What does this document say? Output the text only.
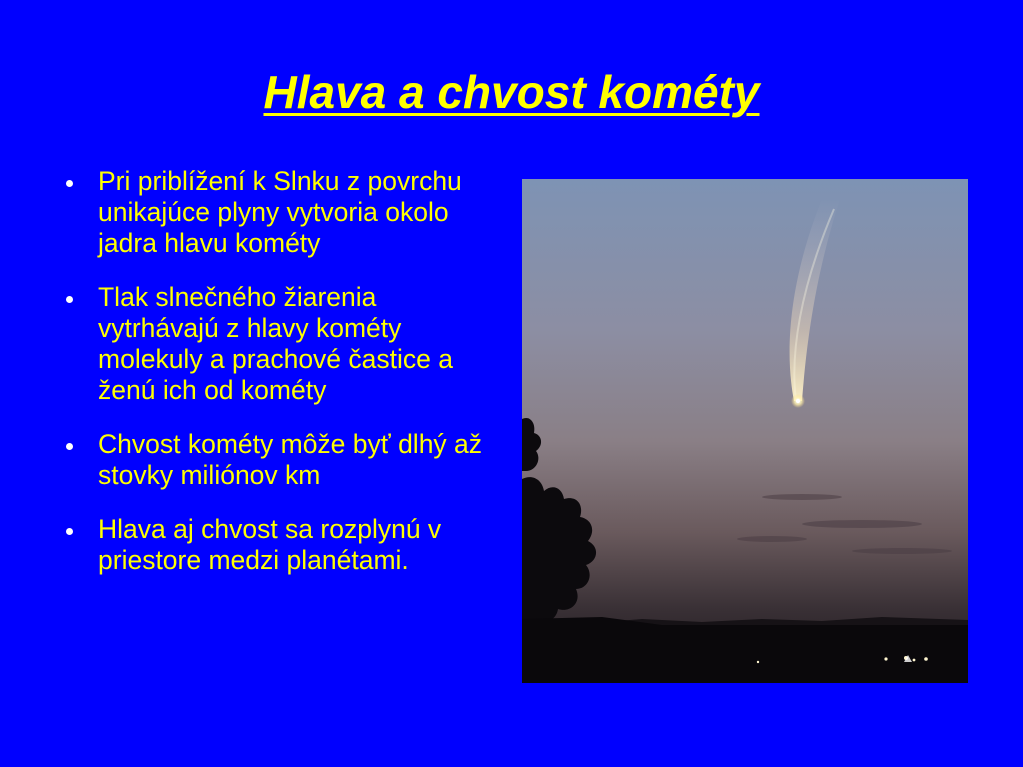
Hlava a chvost kométy
Pri priblížení k Slnku z povrchu unikajúce plyny vytvoria okolo jadra hlavu kométy
Tlak slnečného žiarenia vytrhávajú z hlavy kométy molekuly a prachové častice a ženú ich od kométy
Chvost kométy môže byť dlhý až stovky miliónov km
Hlava aj chvost sa rozplynú v priestore medzi planétami.
